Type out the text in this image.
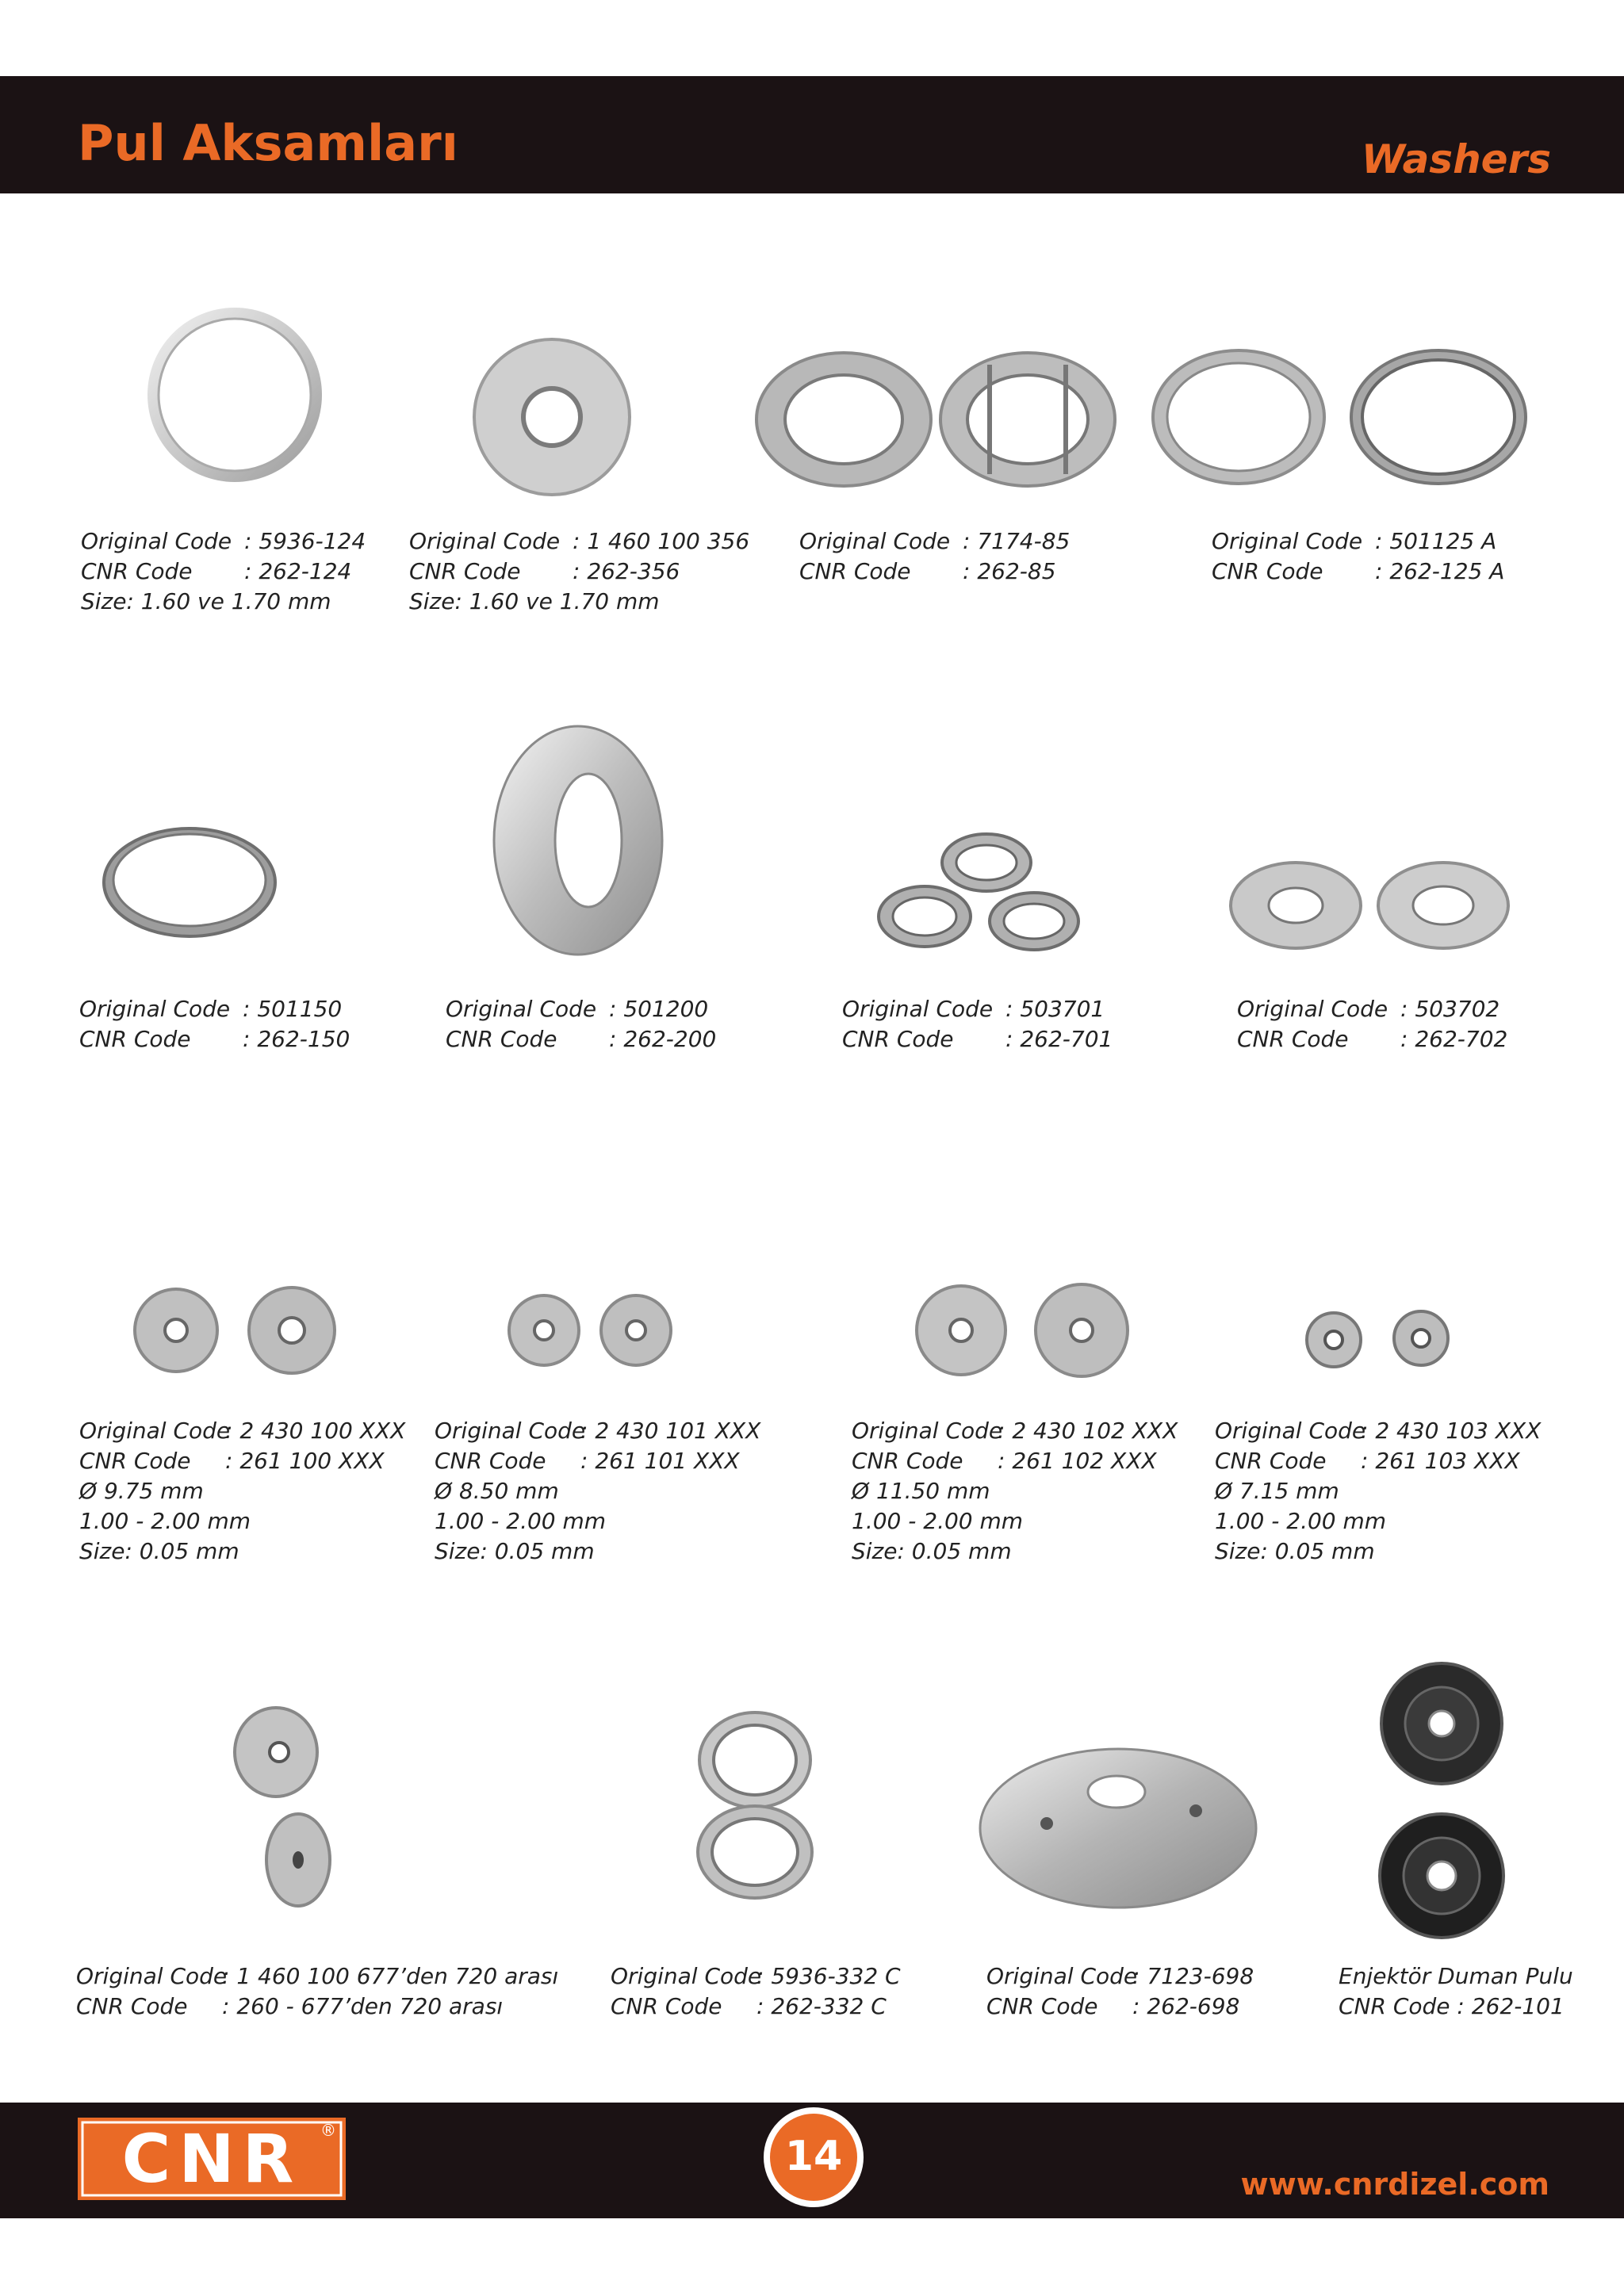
Pul Aksamları	Washers
Original Code : 5936-124
CNR Code : 262-124
Size: 1.60 ve 1.70 mm
Original Code : 1 460 100 356
CNR Code : 262-356
Size: 1.60 ve 1.70 mm
Original Code : 7174-85
CNR Code : 262-85
Original Code : 501125 A
CNR Code : 262-125 A
Original Code : 501150
CNR Code : 262-150
Original Code : 501200
CNR Code : 262-200
Original Code : 503701
CNR Code : 262-701
Original Code : 503702
CNR Code : 262-702
Original Code: 2 430 100 XXX
CNR Code : 261 100 XXX
Ø 9.75 mm
1.00 - 2.00 mm
Size: 0.05 mm
Original Code: 2 430 101 XXX
CNR Code : 261 101 XXX
Ø 8.50 mm
1.00 - 2.00 mm
Size: 0.05 mm
Original Code: 2 430 102 XXX
CNR Code : 261 102 XXX
Ø 11.50 mm
1.00 - 2.00 mm
Size: 0.05 mm
Original Code: 2 430 103 XXX
CNR Code : 261 103 XXX
Ø 7.15 mm
1.00 - 2.00 mm
Size: 0.05 mm
Original Code: 1 460 100 677’den 720 arası
CNR Code : 260 - 677’den 720 arası
Original Code: 5936-332 C
CNR Code : 262-332 C
Original Code: 7123-698
CNR Code : 262-698
Enjektör Duman Pulu
CNR Code : 262-101
CNR	®
14
www.cnrdizel.com
